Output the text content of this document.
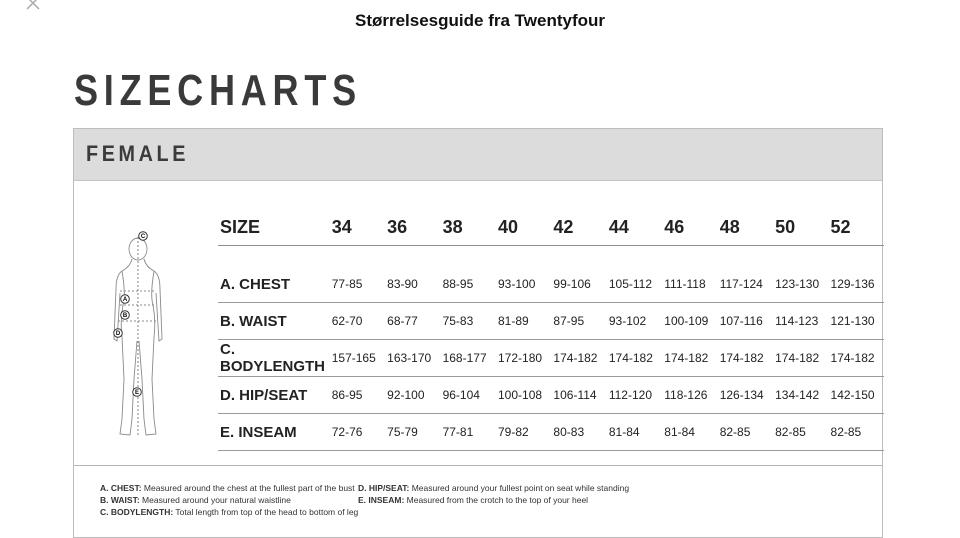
Størrelsesguide fra Twentyfour
SIZECHARTS
FEMALE
C
A
B
D
E
SIZE	34	36	38	40	42	44	46	48	50	52

A. CHEST	77-85	83-90	88-95	93-100	99-106	105-112	111-118	117-124	123-130	129-136
B. WAIST	62-70	68-77	75-83	81-89	87-95	93-102	100-109	107-116	114-123	121-130
C. BODYLENGTH	157-165	163-170	168-177	172-180	174-182	174-182	174-182	174-182	174-182	174-182
D. HIP/SEAT	86-95	92-100	96-104	100-108	106-114	112-120	118-126	126-134	134-142	142-150
E. INSEAM	72-76	75-79	77-81	79-82	80-83	81-84	81-84	82-85	82-85	82-85
A. CHEST: Measured around the chest at the fullest part of the bust
B. WAIST: Measured around your natural waistline
C. BODYLENGTH: Total length from top of the head to bottom of leg
D. HIP/SEAT: Measured around your fullest point on seat while standing
E. INSEAM: Measured from the crotch to the top of your heel
